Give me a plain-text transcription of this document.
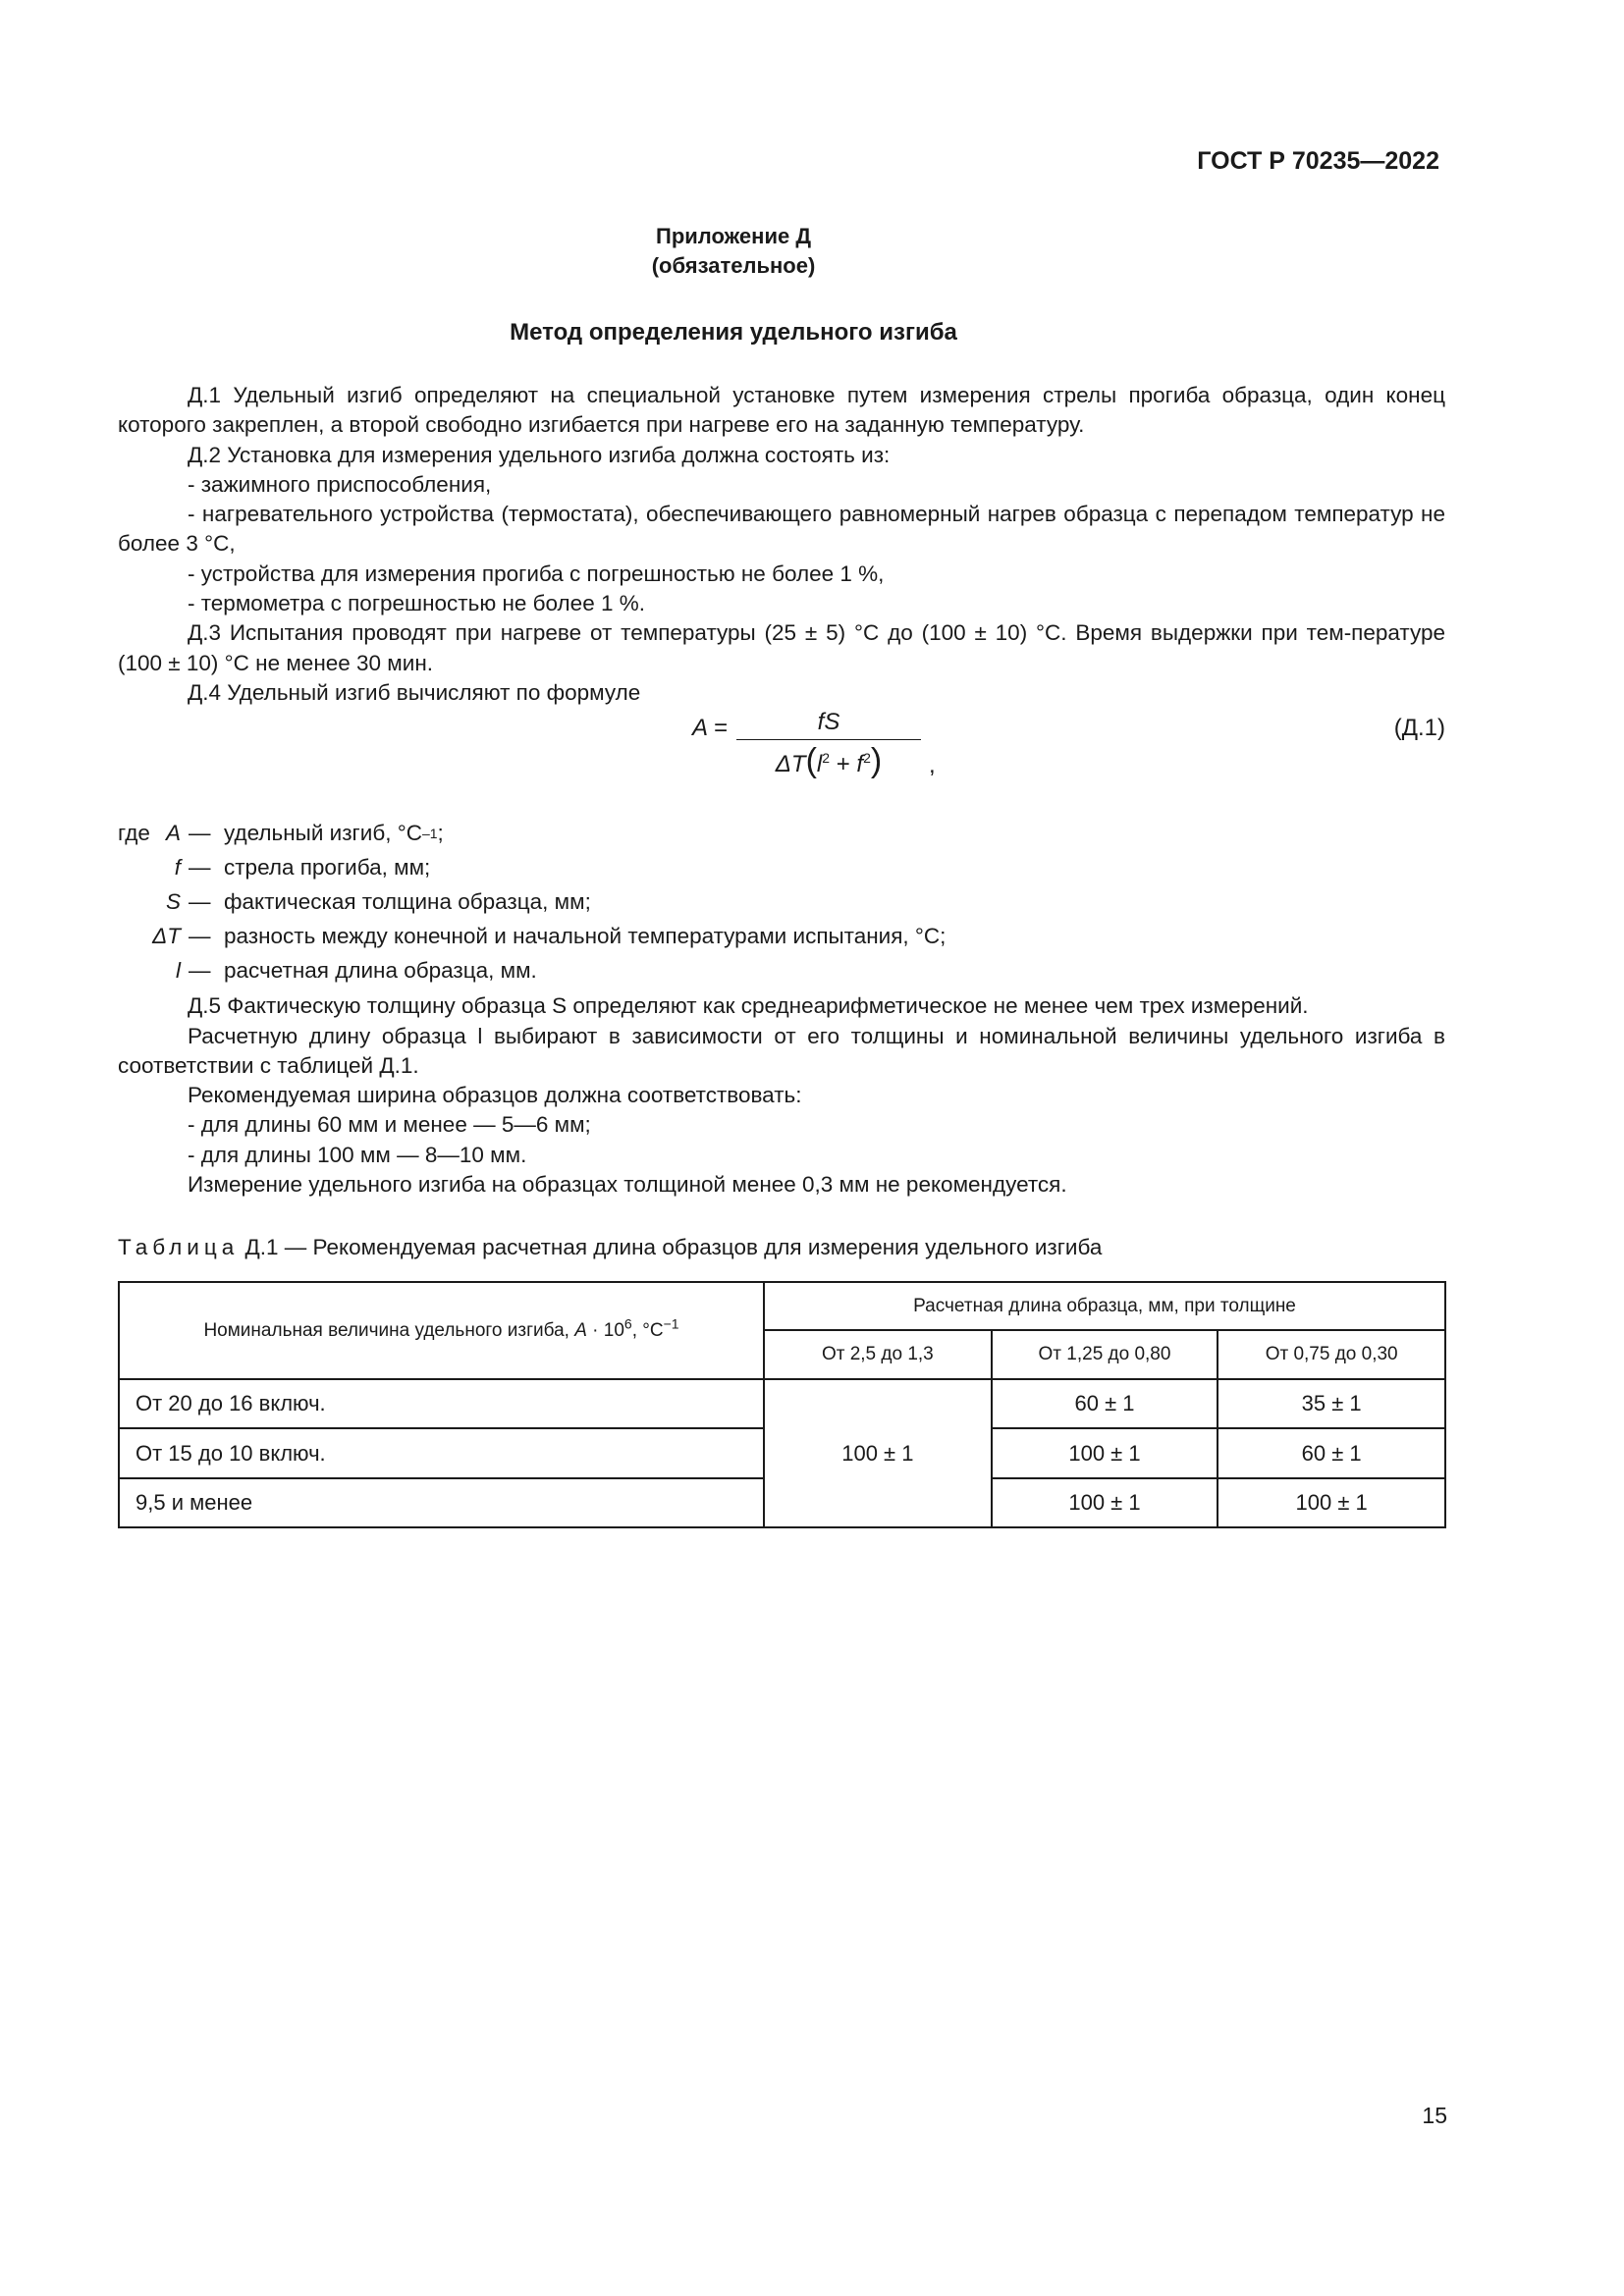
ГОСТ Р 70235—2022
Приложение Д
(обязательное)
Метод определения удельного изгиба
Д.1 Удельный изгиб определяют на специальной установке путем измерения стрелы прогиба образца, один конец которого закреплен, а второй свободно изгибается при нагреве его на заданную температуру.
Д.2 Установка для измерения удельного изгиба должна состоять из:
- зажимного приспособления,
- нагревательного устройства (термостата), обеспечивающего равномерный нагрев образца с перепадом температур не более 3 °С,
- устройства для измерения прогиба с погрешностью не более 1 %,
- термометра с погрешностью не более 1 %.
Д.3 Испытания проводят при нагреве от температуры (25 ± 5) °С до (100 ± 10) °С. Время выдержки при тем-пературе (100 ± 10) °С не менее 30 мин.
Д.4 Удельный изгиб вычисляют по формуле
A =	fS
$\Delta T(l^2 + f^2)$	,
(Д.1)
где A — удельный изгиб, °С –1 ;
f — стрела прогиба, мм;
S — фактическая толщина образца, мм;
ΔT — разность между конечной и начальной температурами испытания, °С;
l — расчетная длина образца, мм.
Д.5 Фактическую толщину образца S определяют как среднеарифметическое не менее чем трех измерений.
Расчетную длину образца l выбирают в зависимости от его толщины и номинальной величины удельного изгиба в соответствии с таблицей Д.1.
Рекомендуемая ширина образцов должна соответствовать:
- для длины 60 мм и менее — 5—6 мм;
- для длины 100 мм — 8—10 мм.
Измерение удельного изгиба на образцах толщиной менее 0,3 мм не рекомендуется.
Таблица Д.1 — Рекомендуемая расчетная длина образцов для измерения удельного изгиба
Номинальная величина удельного изгиба, $A \cdot 10^6$, $^\circ С^{-1}$	Расчетная длина образца, мм, при толщине		
	От 2,5 до 1,3	От 1,25 до 0,80	От 0,75 до 0,30
От 20 до 16 включ.	100 ± 1	60 ± 1	35 ± 1
От 15 до 10 включ.		100 ± 1	60 ± 1
9,5 и менее		100 ± 1	100 ± 1
15
